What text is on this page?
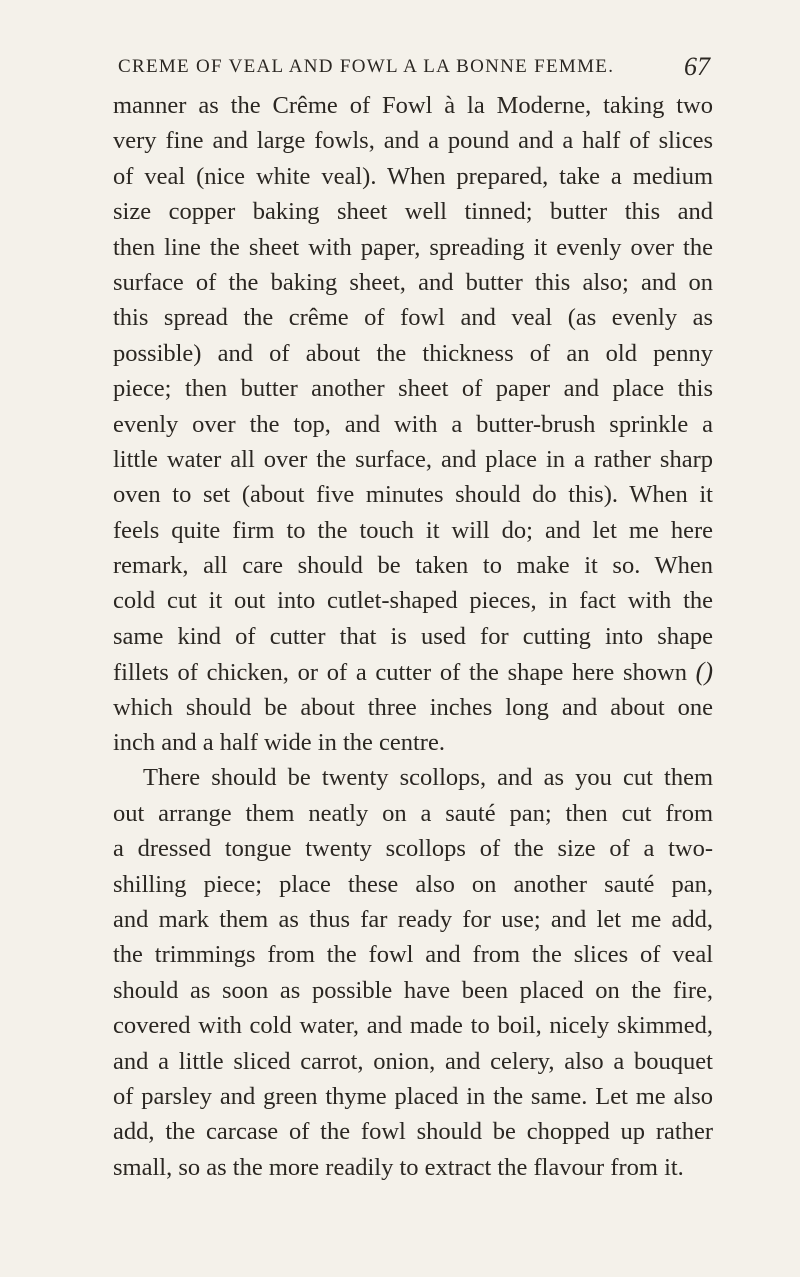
CREME OF VEAL AND FOWL A LA BONNE FEMME.	67
manner as the Crême of Fowl à la Moderne, taking two
very fine and large fowls, and a pound and a half of slices
of veal (nice white veal). When prepared, take a medium
size copper baking sheet well tinned; butter this and
then line the sheet with paper, spreading it evenly over the
surface of the baking sheet, and butter this also; and on
this spread the crême of fowl and veal (as evenly as
possible) and of about the thickness of an old penny
piece; then butter another sheet of paper and place this
evenly over the top, and with a butter-brush sprinkle a
little water all over the surface, and place in a rather sharp
oven to set (about five minutes should do this). When it
feels quite firm to the touch it will do; and let me here
remark, all care should be taken to make it so. When
cold cut it out into cutlet-shaped pieces, in fact with the
same kind of cutter that is used for cutting into shape
fillets of chicken, or of a cutter of the shape here shown ()
which should be about three inches long and about one
inch and a half wide in the centre.
There should be twenty scollops, and as you cut them
out arrange them neatly on a sauté pan; then cut from
a dressed tongue twenty scollops of the size of a two-
shilling piece; place these also on another sauté pan,
and mark them as thus far ready for use; and let me add,
the trimmings from the fowl and from the slices of veal
should as soon as possible have been placed on the fire,
covered with cold water, and made to boil, nicely skimmed,
and a little sliced carrot, onion, and celery, also a bouquet
of parsley and green thyme placed in the same. Let me also
add, the carcase of the fowl should be chopped up rather
small, so as the more readily to extract the flavour from it.
